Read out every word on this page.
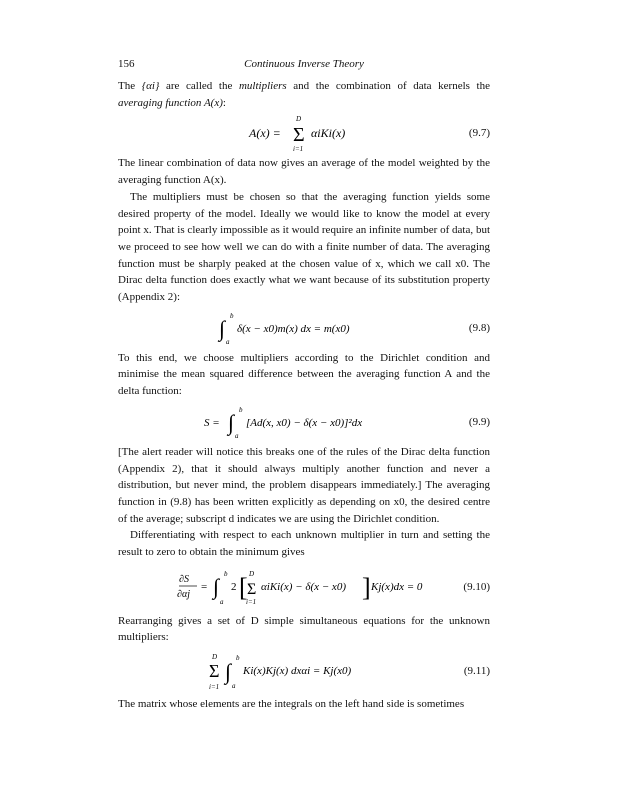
156	Continuous Inverse Theory

The {αi} are called the multipliers and the combination of data kernels the averaging function A(x):

A(x) = Σ
D
i=1
αiKi(x)	(9.7)

The linear combination of data now gives an average of the model weighted by the averaging function A(x).

The multipliers must be chosen so that the averaging function yields some desired property of the model. Ideally we would like to know the model at every point x. That is clearly impossible as it would require an infinite number of data, but we proceed to see how well we can do with a finite number of data. The averaging function must be sharply peaked at the chosen value of x, which we call x0. The Dirac delta function does exactly what we want because of its substitution property (Appendix 2):

∫ b
a
δ(x − x0)m(x) dx = m(x0)	(9.8)

To this end, we choose multipliers according to the Dirichlet condition and minimise the mean squared difference between the averaging function A and the delta function:

S = ∫ b
a
[Ad(x, x0) − δ(x − x0)]²dx	(9.9)

[The alert reader will notice this breaks one of the rules of the Dirac delta function (Appendix 2), that it should always multiply another function and never a distribution, but never mind, the problem disappears immediately.] The averaging function in (9.8) has been written explicitly as depending on x0, the desired centre of the average; subscript d indicates we are using the Dirichlet condition.

Differentiating with respect to each unknown multiplier in turn and setting the result to zero to obtain the minimum gives

∂S
∂αj
= ∫ b
a
2 [ Σ
D
i=1
αiKi(x) − δ(x − x0) ] Kj(x)dx = 0	(9.10)

Rearranging gives a set of D simple simultaneous equations for the unknown multipliers:

Σ
D
i=1
∫
b
a
Ki(x)Kj(x) dxαi = Kj(x0)	(9.11)

The matrix whose elements are the integrals on the left hand side is sometimes
